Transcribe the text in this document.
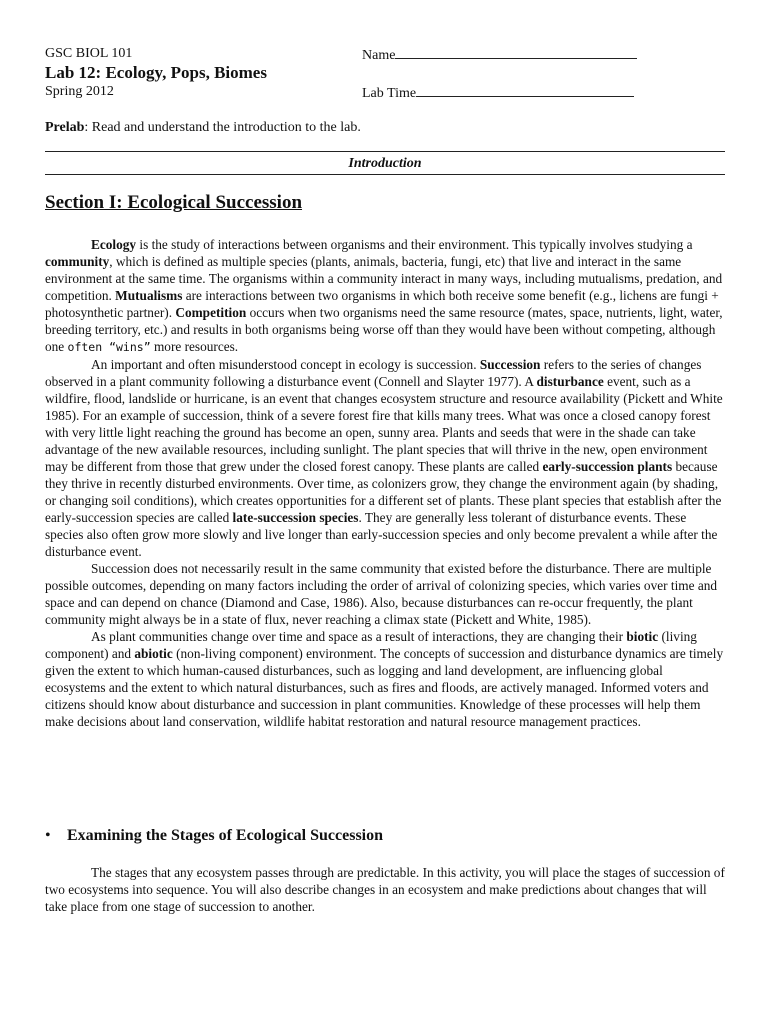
GSC BIOL 101
Lab 12: Ecology, Pops, Biomes
Spring 2012
Name
Lab Time
Prelab: Read and understand the introduction to the lab.
Introduction
Section I: Ecological Succession

Ecology is the study of interactions between organisms and their environment. This typically involves studying a community, which is defined as multiple species (plants, animals, bacteria, fungi, etc) that live and interact in the same environment at the same time. The organisms within a community interact in many ways, including mutualisms, predation, and competition. Mutualisms are interactions between two organisms in which both receive some benefit (e.g., lichens are fungi + photosynthetic partner). Competition occurs when two organisms need the same resource (mates, space, nutrients, light, water, breeding territory, etc.) and results in both organisms being worse off than they would have been without competing, although one often “wins” more resources.

An important and often misunderstood concept in ecology is succession. Succession refers to the series of changes observed in a plant community following a disturbance event (Connell and Slayter 1977). A disturbance event, such as a wildfire, flood, landslide or hurricane, is an event that changes ecosystem structure and resource availability (Pickett and White 1985). For an example of succession, think of a severe forest fire that kills many trees. What was once a closed canopy forest with very little light reaching the ground has become an open, sunny area. Plants and seeds that were in the shade can take advantage of the new available resources, including sunlight. The plant species that will thrive in the new, open environment may be different from those that grew under the closed forest canopy. These plants are called early-succession plants because they thrive in recently disturbed environments. Over time, as colonizers grow, they change the environment again (by shading, or changing soil conditions), which creates opportunities for a different set of plants. These plant species that establish after the early-succession species are called late-succession species. They are generally less tolerant of disturbance events. These species also often grow more slowly and live longer than early-succession species and only become prevalent a while after the disturbance event.

Succession does not necessarily result in the same community that existed before the disturbance. There are multiple possible outcomes, depending on many factors including the order of arrival of colonizing species, which varies over time and space and can depend on chance (Diamond and Case, 1986). Also, because disturbances can re-occur frequently, the plant community might always be in a state of flux, never reaching a climax state (Pickett and White, 1985).

As plant communities change over time and space as a result of interactions, they are changing their biotic (living component) and abiotic (non-living component) environment. The concepts of succession and disturbance dynamics are timely given the extent to which human-caused disturbances, such as logging and land development, are influencing global ecosystems and the extent to which natural disturbances, such as fires and floods, are actively managed. Informed voters and citizens should know about disturbance and succession in plant communities. Knowledge of these processes will help them make decisions about land conservation, wildlife habitat restoration and natural resource management practices.

• Examining the Stages of Ecological Succession

The stages that any ecosystem passes through are predictable. In this activity, you will place the stages of succession of two ecosystems into sequence. You will also describe changes in an ecosystem and make predictions about changes that will take place from one stage of succession to another.
